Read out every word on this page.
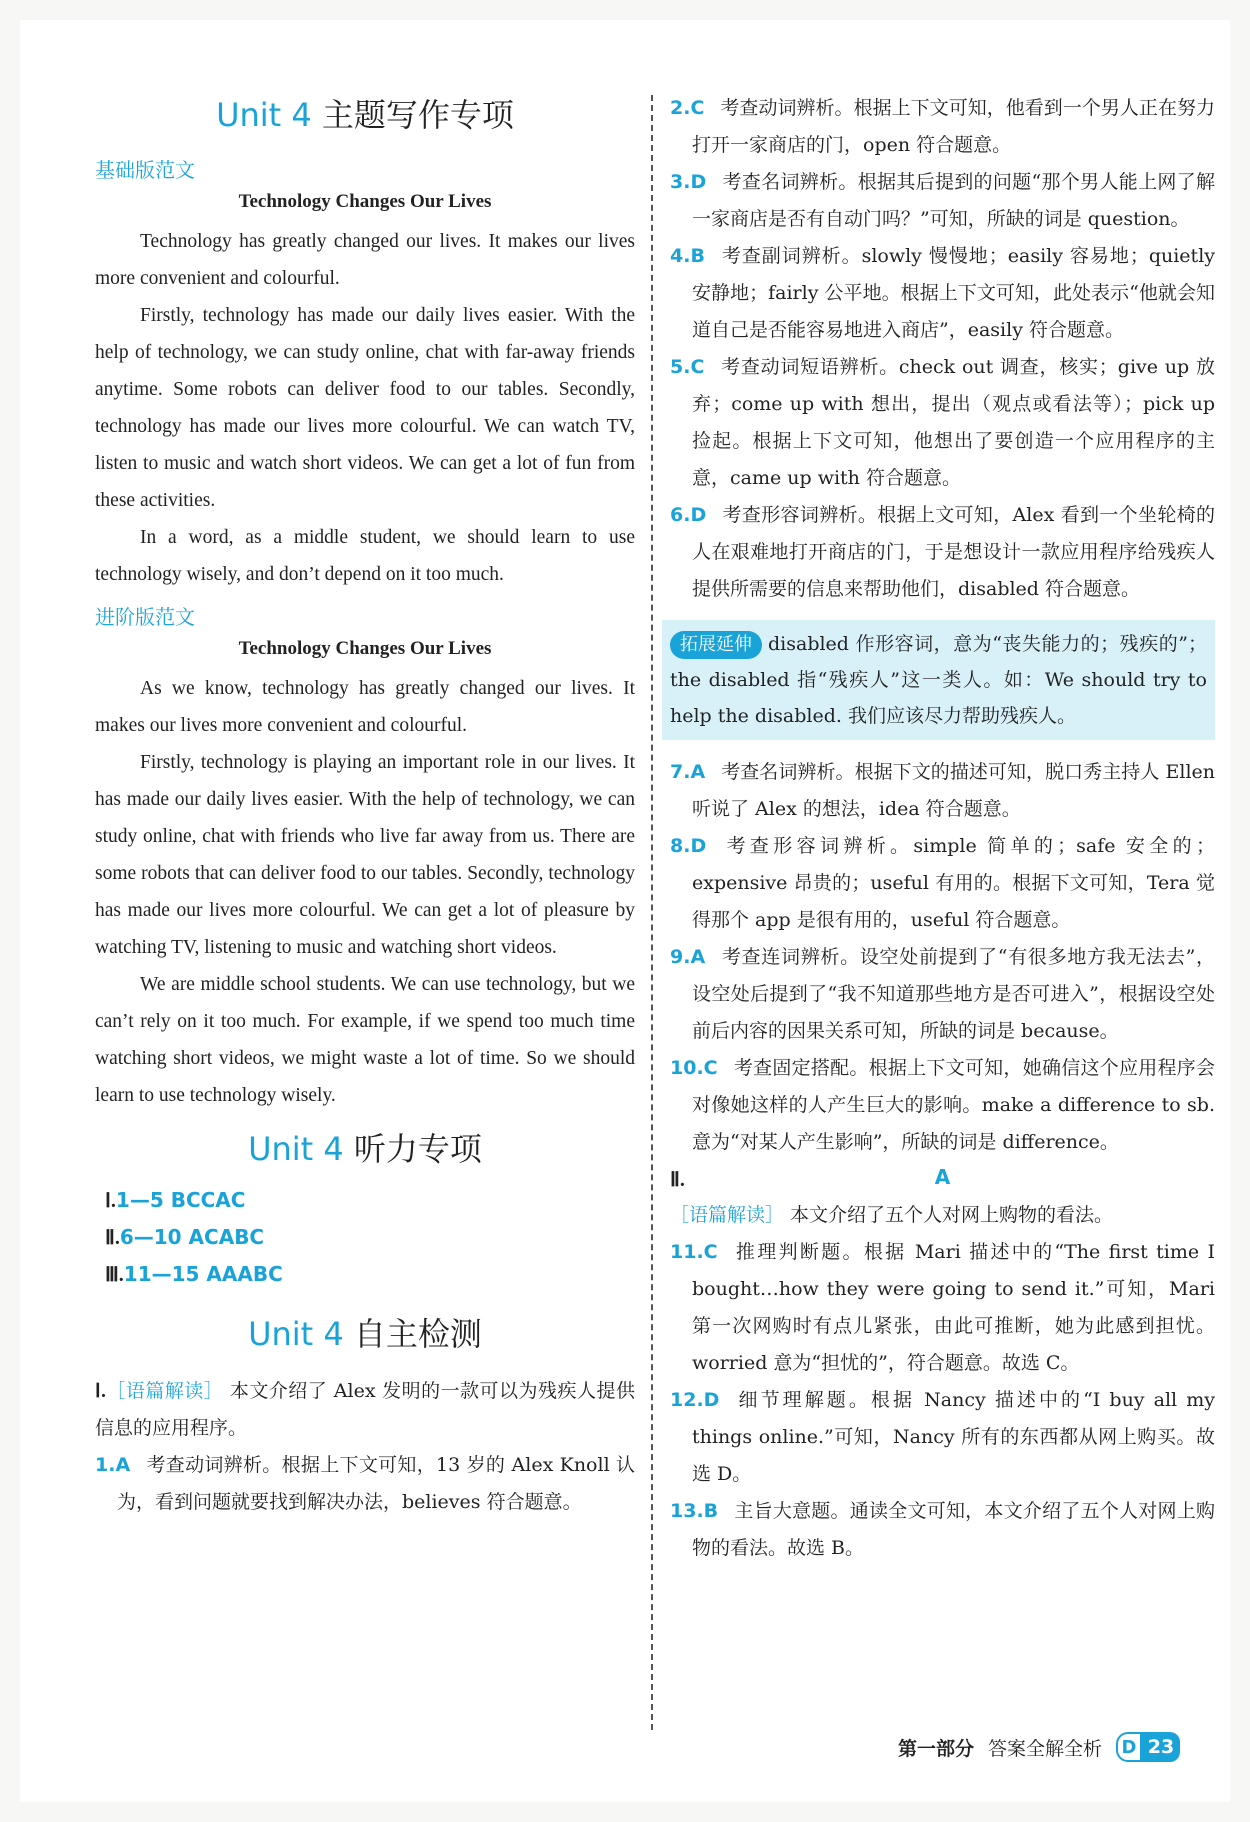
Unit 4 主题写作专项
基础版范文
Technology Changes Our Lives

Technology has greatly changed our lives. It makes our lives more convenient and colourful.

Firstly, technology has made our daily lives easier. With the help of technology, we can study online, chat with far-away friends anytime. Some robots can deliver food to our tables. Secondly, technology has made our lives more colourful. We can watch TV, listen to music and watch short videos. We can get a lot of fun from these activities.

In a word, as a middle student, we should learn to use technology wisely, and don’t depend on it too much.

进阶版范文
Technology Changes Our Lives

As we know, technology has greatly changed our lives. It makes our lives more convenient and colourful.

Firstly, technology is playing an important role in our lives. It has made our daily lives easier. With the help of technology, we can study online, chat with friends who live far away from us. There are some robots that can deliver food to our tables. Secondly, technology has made our lives more colourful. We can get a lot of pleasure by watching TV, listening to music and watching short videos.

We are middle school students. We can use technology, but we can’t rely on it too much. For example, if we spend too much time watching short videos, we might waste a lot of time. So we should learn to use technology wisely.

Unit 4 听力专项
Ⅰ.1—5 BCCAC
Ⅱ.6—10 ACABC
Ⅲ.11—15 AAABC
Unit 4 自主检测

Ⅰ.［语篇解读］ 本文介绍了 Alex 发明的一款可以为残疾人提供信息的应用程序。

1.A 考查动词辨析。根据上下文可知，13 岁的 Alex Knoll 认为，看到问题就要找到解决办法，believes 符合题意。

2.C 考查动词辨析。根据上下文可知，他看到一个男人正在努力打开一家商店的门，open 符合题意。

3.D 考查名词辨析。根据其后提到的问题“那个男人能上网了解一家商店是否有自动门吗？”可知，所缺的词是 question。

4.B 考查副词辨析。slowly 慢慢地；easily 容易地；quietly 安静地；fairly 公平地。根据上下文可知，此处表示“他就会知道自己是否能容易地进入商店”，easily 符合题意。

5.C 考查动词短语辨析。check out 调查，核实；give up 放弃；come up with 想出，提出（观点或看法等）；pick up 捡起。根据上下文可知，他想出了要创造一个应用程序的主意，came up with 符合题意。

6.D 考查形容词辨析。根据上文可知，Alex 看到一个坐轮椅的人在艰难地打开商店的门，于是想设计一款应用程序给残疾人提供所需要的信息来帮助他们，disabled 符合题意。

拓展延伸 disabled 作形容词，意为“丧失能力的；残疾的”；the disabled 指“残疾人”这一类人。如：We should try to help the disabled. 我们应该尽力帮助残疾人。

7.A 考查名词辨析。根据下文的描述可知，脱口秀主持人 Ellen 听说了 Alex 的想法，idea 符合题意。

8.D 考查形容词辨析。simple 简单的；safe 安全的；expensive 昂贵的；useful 有用的。根据下文可知，Tera 觉得那个 app 是很有用的，useful 符合题意。

9.A 考查连词辨析。设空处前提到了“有很多地方我无法去”，设空处后提到了“我不知道那些地方是否可进入”，根据设空处前后内容的因果关系可知，所缺的词是 because。

10.C 考查固定搭配。根据上下文可知，她确信这个应用程序会对像她这样的人产生巨大的影响。make a difference to sb.意为“对某人产生影响”，所缺的词是 difference。

Ⅱ.	A

［语篇解读］ 本文介绍了五个人对网上购物的看法。

11.C 推理判断题。根据 Mari 描述中的“The first time I bought…how they were going to send it.”可知，Mari 第一次网购时有点儿紧张，由此可推断，她为此感到担忧。worried 意为“担忧的”，符合题意。故选 C。

12.D 细节理解题。根据 Nancy 描述中的“I buy all my things online.”可知，Nancy 所有的东西都从网上购买。故选 D。

13.B 主旨大意题。通读全文可知，本文介绍了五个人对网上购物的看法。故选 B。

第一部分 答案全解全析	D 23
